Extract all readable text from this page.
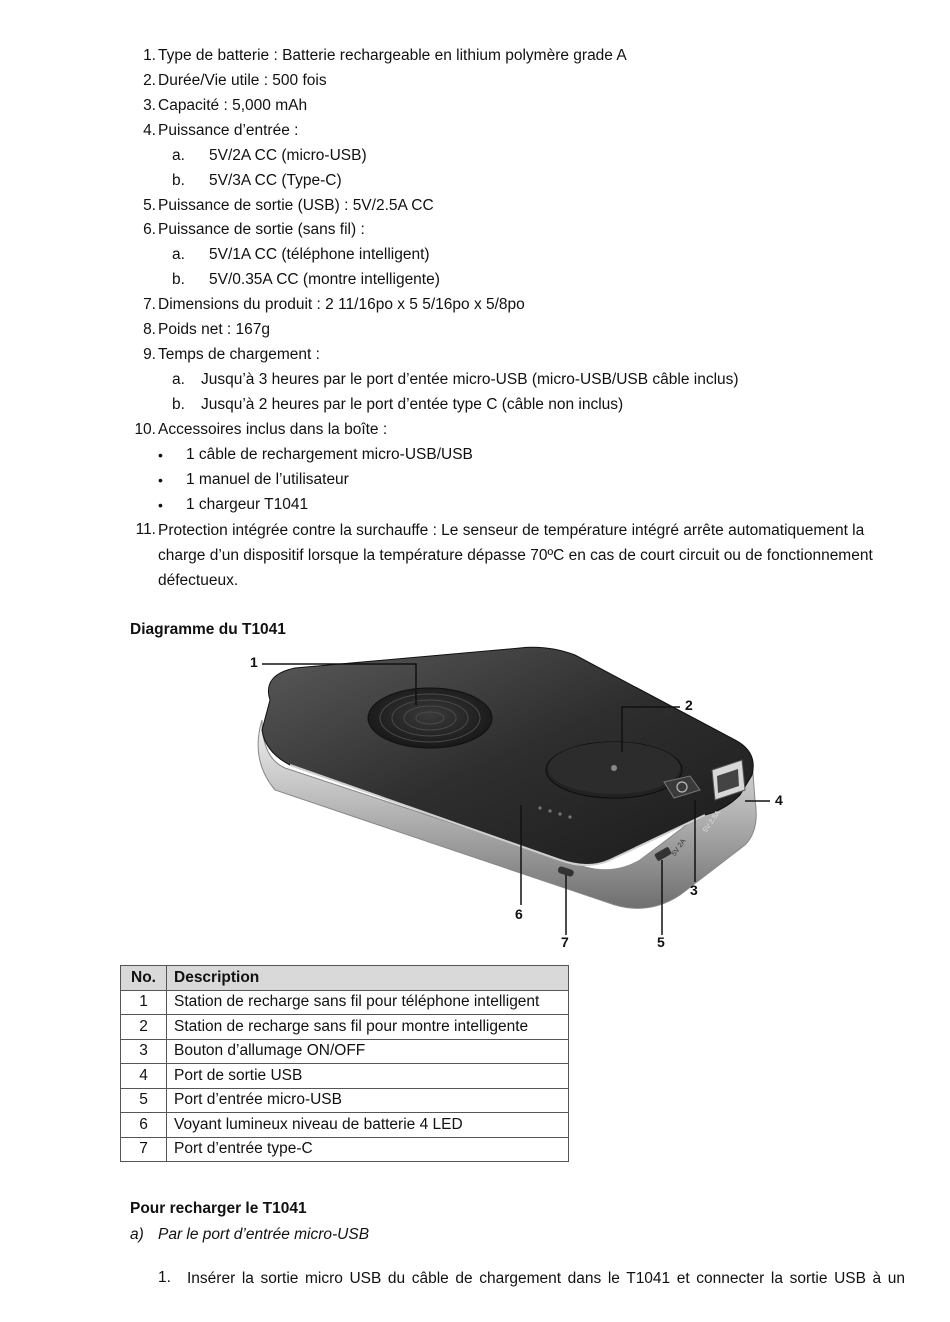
1. Type de batterie : Batterie rechargeable en lithium polymère grade A
2. Durée/Vie utile : 500 fois
3. Capacité : 5,000 mAh
4. Puissance d’entrée :
a. 5V/2A CC (micro-USB)
b. 5V/3A CC (Type-C)
5. Puissance de sortie (USB) : 5V/2.5A CC
6. Puissance de sortie (sans fil) :
a. 5V/1A CC (téléphone intelligent)
b. 5V/0.35A CC (montre intelligente)
7. Dimensions du produit : 2 11/16po x 5 5/16po x 5/8po
8. Poids net : 167g
9. Temps de chargement :
a. Jusqu’à 3 heures par le port d’entée micro-USB (micro-USB/USB câble inclus)
b. Jusqu’à 2 heures par le port d’entée type C (câble non inclus)
10. Accessoires inclus dans la boîte :
• 1 câble de rechargement micro-USB/USB
• 1 manuel de l’utilisateur
• 1 chargeur T1041
11. Protection intégrée contre la surchauffe : Le senseur de température intégré arrête automatiquement la
charge d’un dispositif lorsque la température dépasse 70ºC en cas de court circuit ou de fonctionnement
défectueux.
Diagramme du T1041
5V 2.5A
5V 2A
1
2
3
4
5
6
7
No.	Description
1	Station de recharge sans fil pour téléphone intelligent
2	Station de recharge sans fil pour montre intelligente
3	Bouton d’allumage ON/OFF
4	Port de sortie USB
5	Port d’entrée micro-USB
6	Voyant lumineux niveau de batterie 4 LED
7	Port d’entrée type-C
Pour recharger le T1041
a) Par le port d’entrée micro-USB
1. Insérer la sortie micro USB du câble de chargement dans le T1041 et connecter la sortie USB à un
